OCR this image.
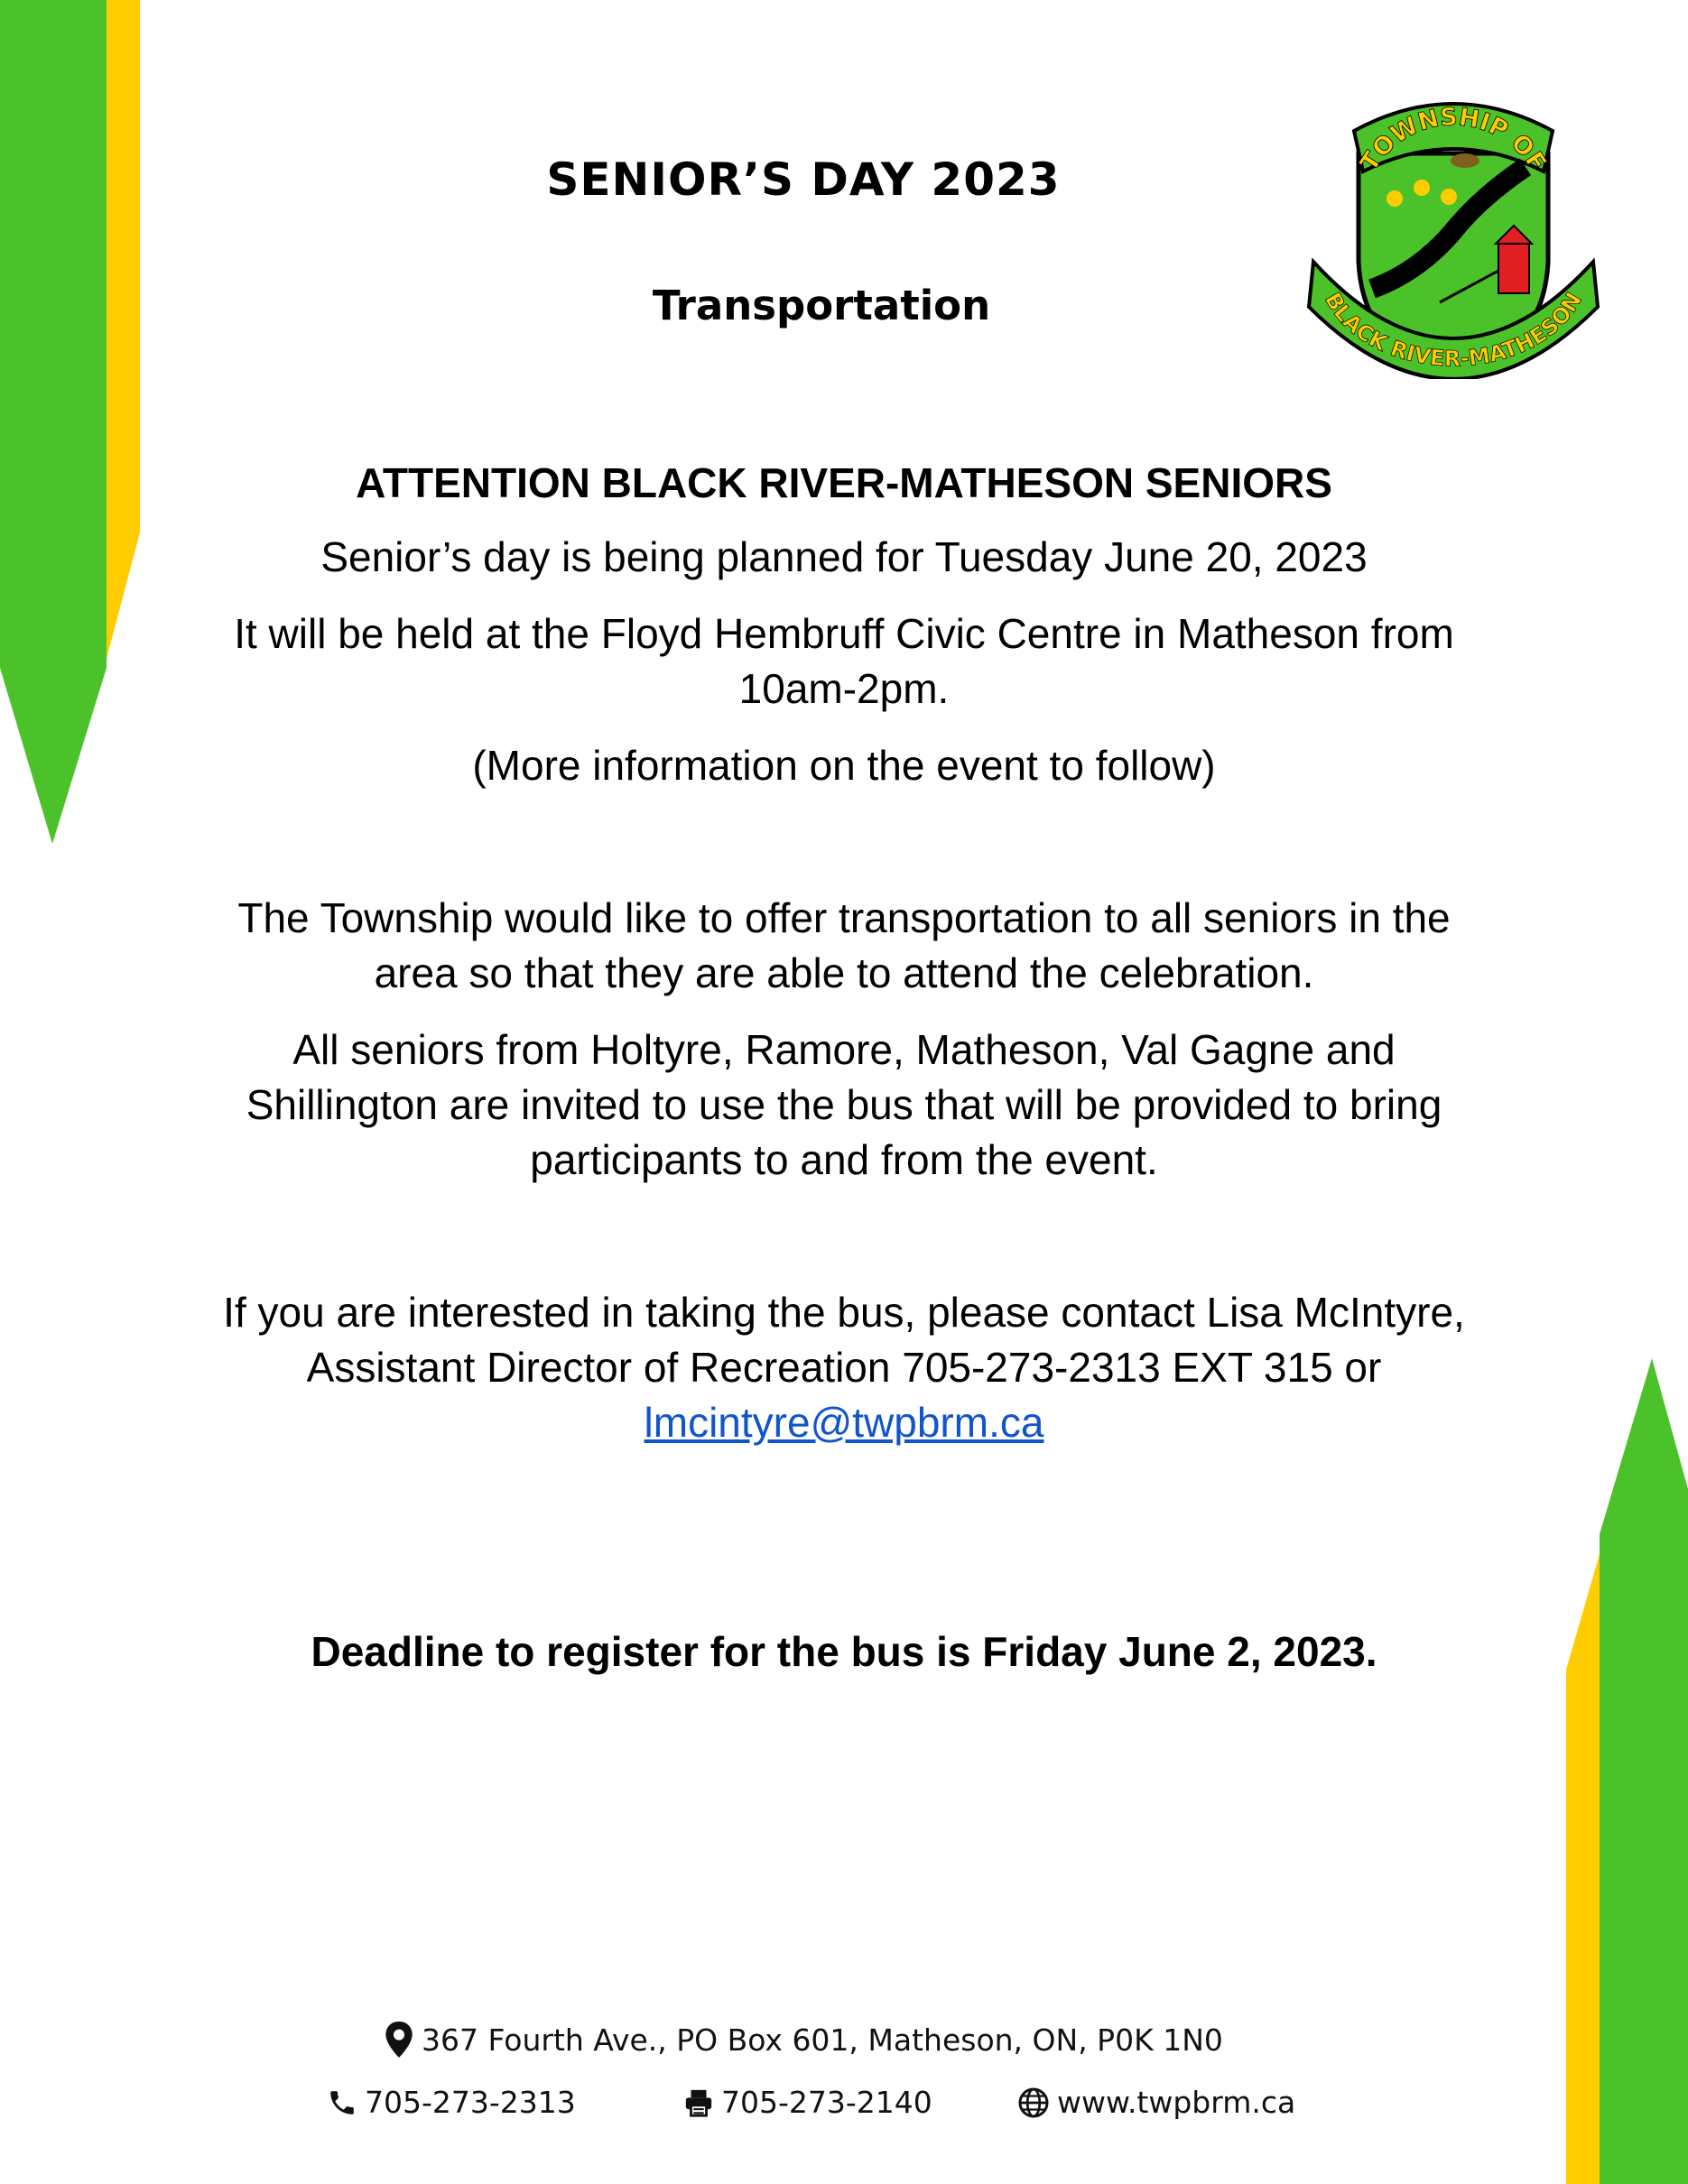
TOWNSHIP OF
BLACK RIVER-MATHESON
SENIOR’S DAY 2023
Transportation
ATTENTION BLACK RIVER-MATHESON SENIORS
Senior’s day is being planned for Tuesday June 20, 2023
It will be held at the Floyd Hembruff Civic Centre in Matheson from
10am-2pm.
(More information on the event to follow)
The Township would like to offer transportation to all seniors in the
area so that they are able to attend the celebration.
All seniors from Holtyre, Ramore, Matheson, Val Gagne and
Shillington are invited to use the bus that will be provided to bring
participants to and from the event.
If you are interested in taking the bus, please contact Lisa McIntyre,
Assistant Director of Recreation 705-273-2313 EXT 315 or
lmcintyre@twpbrm.ca
Deadline to register for the bus is Friday June 2, 2023.
367 Fourth Ave., PO Box 601, Matheson, ON, P0K 1N0
705-273-2313	705-273-2140	www.twpbrm.ca
